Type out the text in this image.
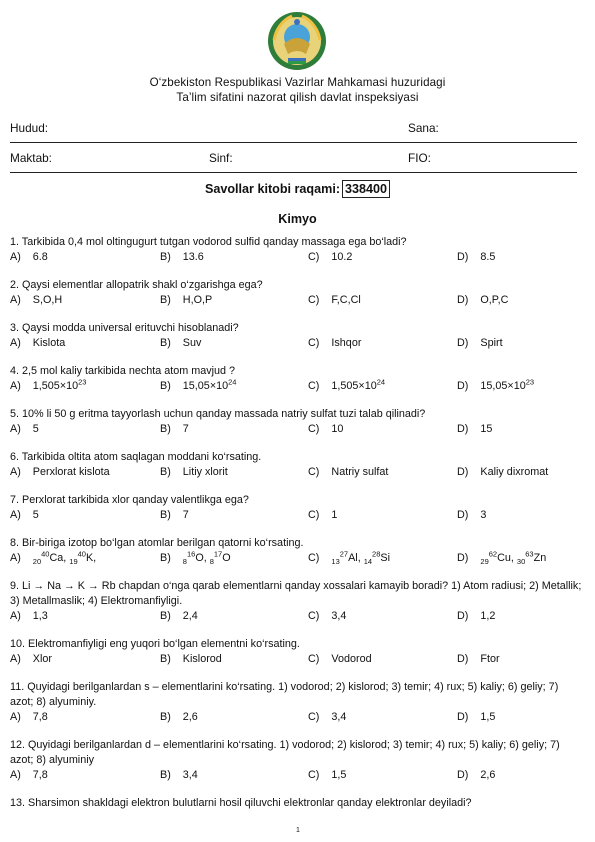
O‘zbekiston Respublikasi Vazirlar Mahkamasi huzuridagi
Ta’lim sifatini nazorat qilish davlat inspeksiyasi
Hudud:	Sana:
Maktab:	Sinf:	FIO:
Savollar kitobi raqami: 338400
Kimyo

1. Tarkibida 0,4 mol oltingugurt tutgan vodorod sulfid qanday massaga ega bo‘ladi?

A) 6.8	B) 13.6	C) 10.2	D) 8.5

2. Qaysi elementlar allopatrik shakl o‘zgarishga ega?

A) S,O,H	B) H,O,P	C) F,C,Cl	D) O,P,C

3. Qaysi modda universal erituvchi hisoblanadi?

A) Kislota	B) Suv	C) Ishqor	D) Spirt

4. 2,5 mol kaliy tarkibida nechta atom mavjud ?

A) $1,505\times 10^{23}$	B) $15,05\times 10^{24}$	C) $1,505\times 10^{24}$	D) $15,05\times 10^{23}$

5. 10% li 50 g eritma tayyorlash uchun qanday massada natriy sulfat tuzi talab qilinadi?

A) 5	B) 7	C) 10	D) 15

6. Tarkibida oltita atom saqlagan moddani ko‘rsating.

A) Perxlorat kislota	B) Litiy xlorit	C) Natriy sulfat	D) Kaliy dixromat

7. Perxlorat tarkibida xlor qanday valentlikga ega?

A) 5	B) 7	C) 1	D) 3

8. Bir-biriga izotop bo‘lgan atomlar berilgan qatorni ko‘rsating.

A) $_{20}^{40}$Ca, $_{19}^{40}$K,	B) $_8^{16}$O, $_8^{17}$O	C) $_{13}^{27}$Al, $_{14}^{28}$Si	D) $_{29}^{62}$Cu, $_{30}^{63}$Zn

9. Li → Na → K → Rb chapdan o‘nga qarab elementlarni qanday xossalari kamayib boradi? 1) Atom radiusi; 2) Metallik; 3) Metallmaslik; 4) Elektromanfiyligi.

A) 1,3	B) 2,4	C) 3,4	D) 1,2

10. Elektromanfiyligi eng yuqori bo‘lgan elementni ko‘rsating.

A) Xlor	B) Kislorod	C) Vodorod	D) Ftor

11. Quyidagi berilganlardan s – elementlarini ko‘rsating. 1) vodorod; 2) kislorod; 3) temir; 4) rux; 5) kaliy; 6) geliy; 7) azot; 8) alyuminiy.

A) 7,8	B) 2,6	C) 3,4	D) 1,5

12. Quyidagi berilganlardan d – elementlarini ko‘rsating. 1) vodorod; 2) kislorod; 3) temir; 4) rux; 5) kaliy; 6) geliy; 7) azot; 8) alyuminiy

A) 7,8	B) 3,4	C) 1,5	D) 2,6

13. Sharsimon shakldagi elektron bulutlarni hosil qiluvchi elektronlar qanday elektronlar deyiladi?

1
